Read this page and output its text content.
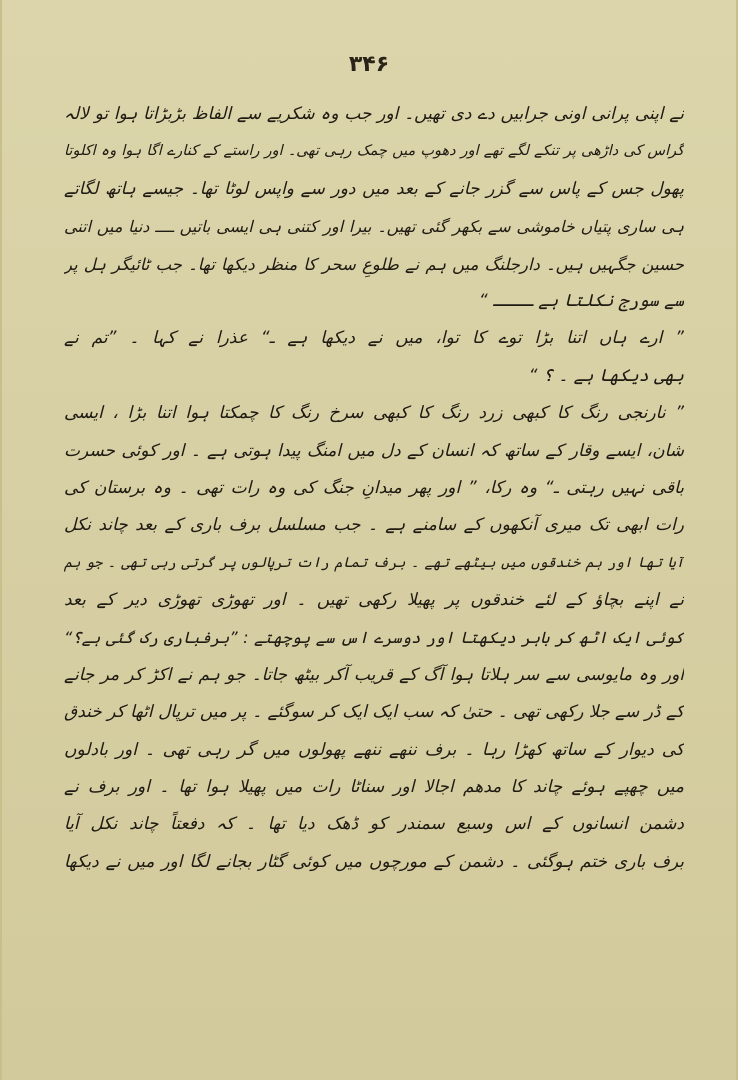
۳۴۶
نے اپنی پرانی اونی جرابیں دے دی تھیں۔ اور جب وہ شکریے سے الفاظ بڑبڑاتا ہوا تو لالہ
گراس کی داڑھی پر تنکے لگے تھے اور دھوپ میں چمک رہی تھی۔ اور راستے کے کنارے اگا ہوا وہ اکلوتا
پھول جس کے پاس سے گزر جانے کے بعد میں دور سے واپس لوٹا تھا۔ جیسے ہاتھ لگاتے
ہی ساری پتیاں خاموشی سے بکھر گئی تھیں۔ بیرا اور کتنی ہی ایسی باتیں ــــ دنیا میں اتنی
حسین جگہیں ہیں۔ دارجلنگ میں ہم نے طلوعِ سحر کا منظر دیکھا تھا۔ جب ٹائیگر ہل پر
سے سورج نکلتا ہے ــــ “
” ارے ہاں اتنا بڑا توے کا توا، میں نے دیکھا ہے ـ“ عذرا نے کہا ۔ ”تم نے
بھی دیکھا ہے ۔ ؟ “
” نارنجی رنگ کا کبھی زرد رنگ کا کبھی سرخ رنگ کا چمکتا ہوا اتنا بڑا ، ایسی
شان، ایسے وقار کے ساتھ کہ انسان کے دل میں امنگ پیدا ہوتی ہے ۔ اور کوئی حسرت
باقی نہیں رہتی ـ“ وہ رکا، ” اور پھر میدانِ جنگ کی وہ رات تھی ۔ وہ برستان کی
رات ابھی تک میری آنکھوں کے سامنے ہے ۔ جب مسلسل برف باری کے بعد چاند نکل
آیا تھا اور ہم خندقوں میں بیٹھے تھے ۔ برف تمام رات ترپالوں پر گرتی رہی تھی ۔ جو ہم
نے اپنے بچاؤ کے لئے خندقوں پر پھیلا رکھی تھیں ۔ اور تھوڑی تھوڑی دیر کے بعد
کوئی ایک اٹھ کر باہر دیکھتا اور دوسرے اس سے پوچھتے : ”برفباری رک گئی ہے؟“
اور وہ مایوسی سے سر ہلاتا ہوا آگ کے قریب آکر بیٹھ جاتا۔ جو ہم نے اکڑ کر مر جانے
کے ڈر سے جلا رکھی تھی ۔ حتیٰ کہ سب ایک ایک کر سوگئے ۔ پر میں ترپال اٹھا کر خندق
کی دیوار کے ساتھ کھڑا رہا ۔ برف ننھے ننھے پھولوں میں گر رہی تھی ۔ اور بادلوں
میں چھپے ہوئے چاند کا مدھم اجالا اور سناٹا رات میں پھیلا ہوا تھا ۔ اور برف نے
دشمن انسانوں کے اس وسیع سمندر کو ڈھک دیا تھا ۔ کہ دفعتاً چاند نکل آیا
برف باری ختم ہوگئی ۔ دشمن کے مورچوں میں کوئی گٹار بجانے لگا اور میں نے دیکھا
